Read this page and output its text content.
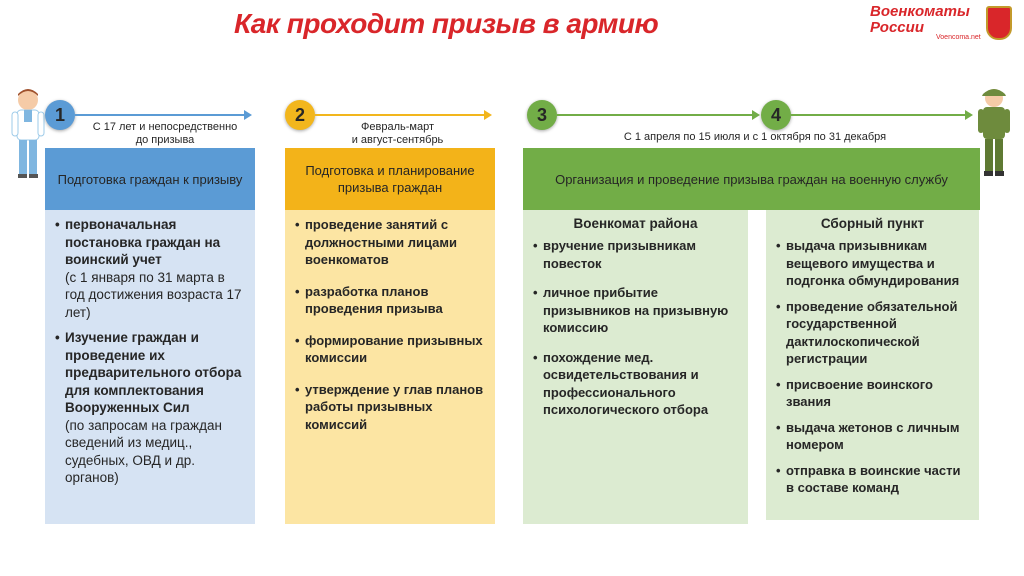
Как проходит призыв в армию	Военкоматы
России
Voencoma.net
1
С 17 лет и непосредственно
до призыва
2
Февраль-март
и август-сентябрь
3	4
С 1 апреля по 15 июля и с 1 октября по 31 декабря
Подготовка граждан к призыву
Подготовка и планирование призыва граждан
Организация и проведение призыва граждан на военную службу
• первоначальная постановка граждан на воинский учет
(с 1 января по 31 марта в год достижения возраста 17 лет)
• Изучение граждан и проведение их предварительного отбора для комплектования Вооруженных Сил
(по запросам на граждан сведений из медиц., судебных, ОВД и др. органов)
• проведение занятий с должностными лицами военкоматов
• разработка планов проведения призыва
• формирование призывных комиссии
• утверждение у глав планов работы призывных комиссий
Военкомат района
• вручение призывникам повесток
• личное прибытие призывников на призывную комиссию
• похождение мед. освидетельствования и профессионального психологического отбора
Сборный пункт
• выдача призывникам вещевого имущества и подгонка обмундирования
• проведение обязательной государственной дактилоскопической регистрации
• присвоение воинского звания
• выдача жетонов с личным номером
• отправка в воинские части в составе команд
